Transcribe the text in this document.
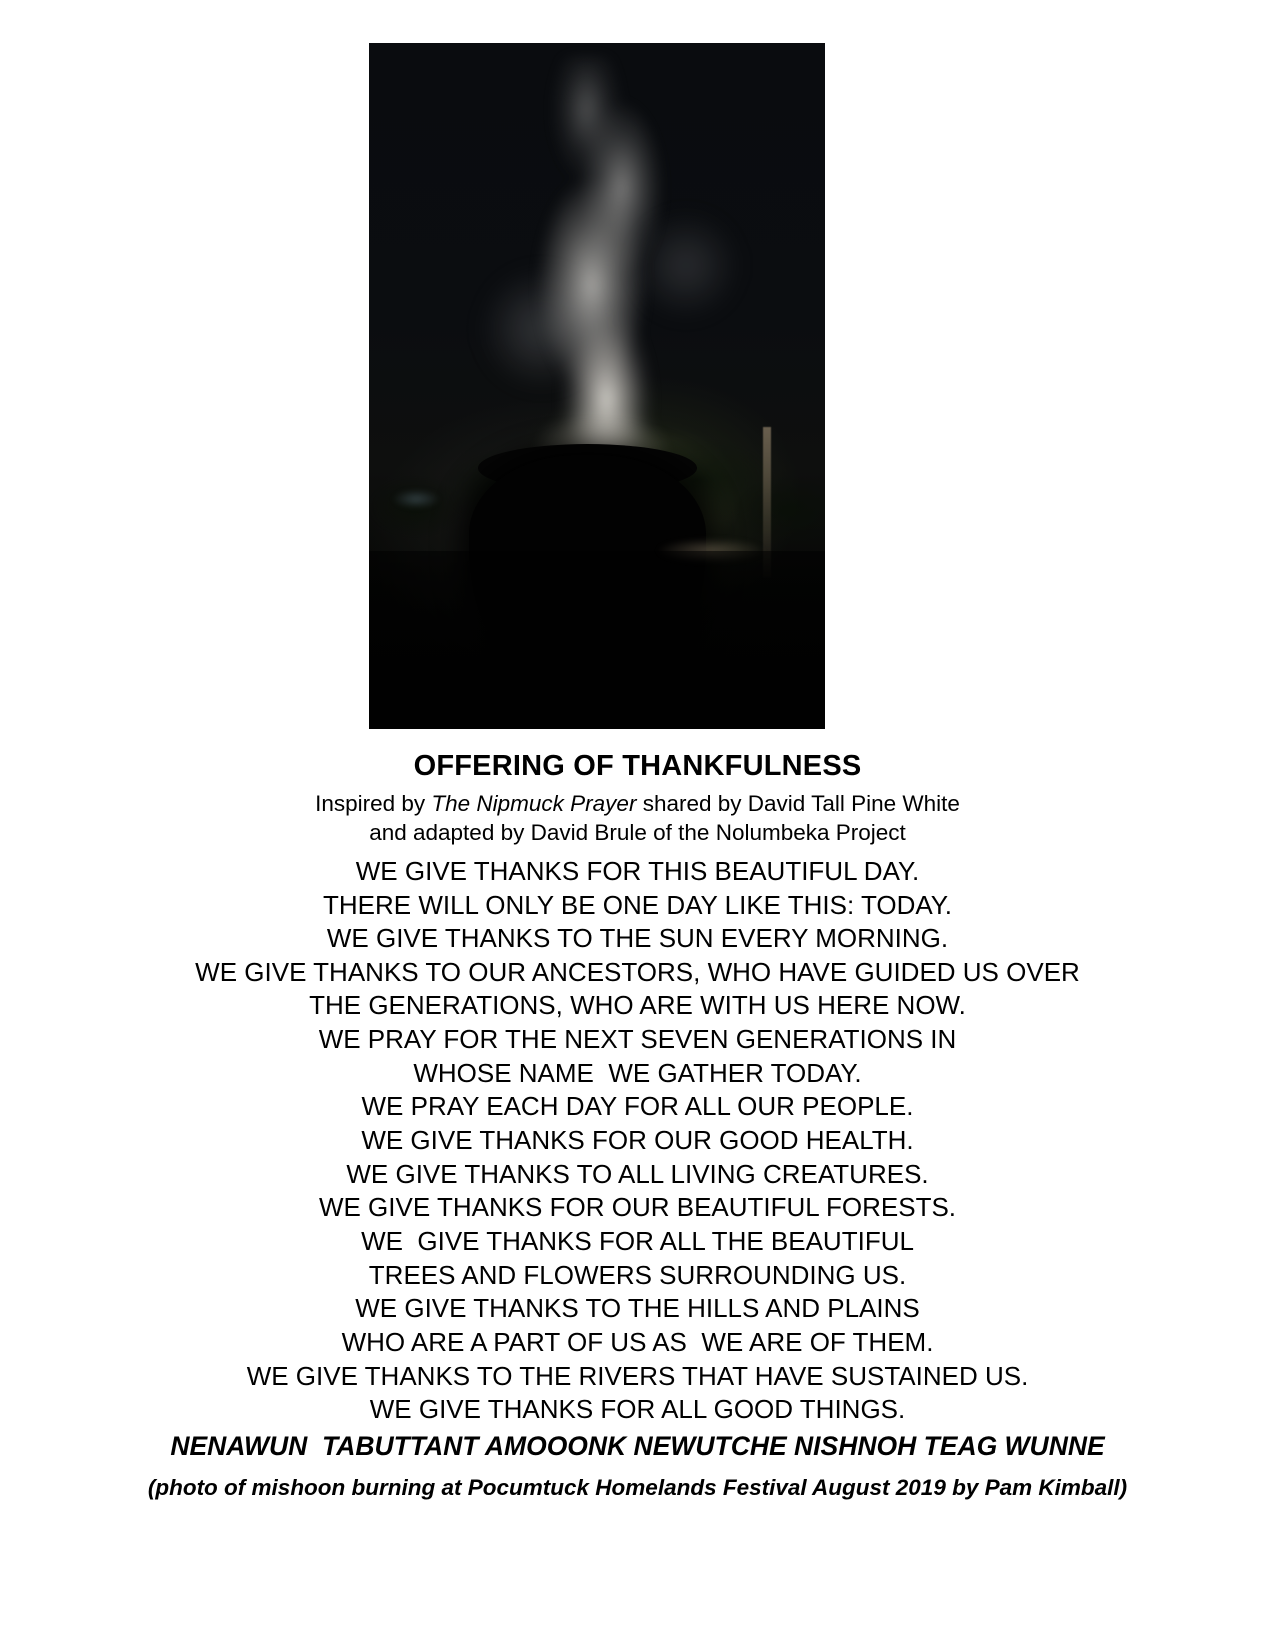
OFFERING OF THANKFULNESS

Inspired by The Nipmuck Prayer shared by David Tall Pine White

and adapted by David Brule of the Nolumbeka Project

WE GIVE THANKS FOR THIS BEAUTIFUL DAY.
THERE WILL ONLY BE ONE DAY LIKE THIS: TODAY.
WE GIVE THANKS TO THE SUN EVERY MORNING.
WE GIVE THANKS TO OUR ANCESTORS, WHO HAVE GUIDED US OVER
THE GENERATIONS, WHO ARE WITH US HERE NOW.
WE PRAY FOR THE NEXT SEVEN GENERATIONS IN
WHOSE NAME  WE GATHER TODAY.
WE PRAY EACH DAY FOR ALL OUR PEOPLE.
WE GIVE THANKS FOR OUR GOOD HEALTH.
WE GIVE THANKS TO ALL LIVING CREATURES.
WE GIVE THANKS FOR OUR BEAUTIFUL FORESTS.
WE  GIVE THANKS FOR ALL THE BEAUTIFUL
TREES AND FLOWERS SURROUNDING US.
WE GIVE THANKS TO THE HILLS AND PLAINS
WHO ARE A PART OF US AS  WE ARE OF THEM.
WE GIVE THANKS TO THE RIVERS THAT HAVE SUSTAINED US.
WE GIVE THANKS FOR ALL GOOD THINGS.

NENAWUN  TABUTTANT AMOOONK NEWUTCHE NISHNOH TEAG WUNNE

(photo of mishoon burning at Pocumtuck Homelands Festival August 2019 by Pam Kimball)
